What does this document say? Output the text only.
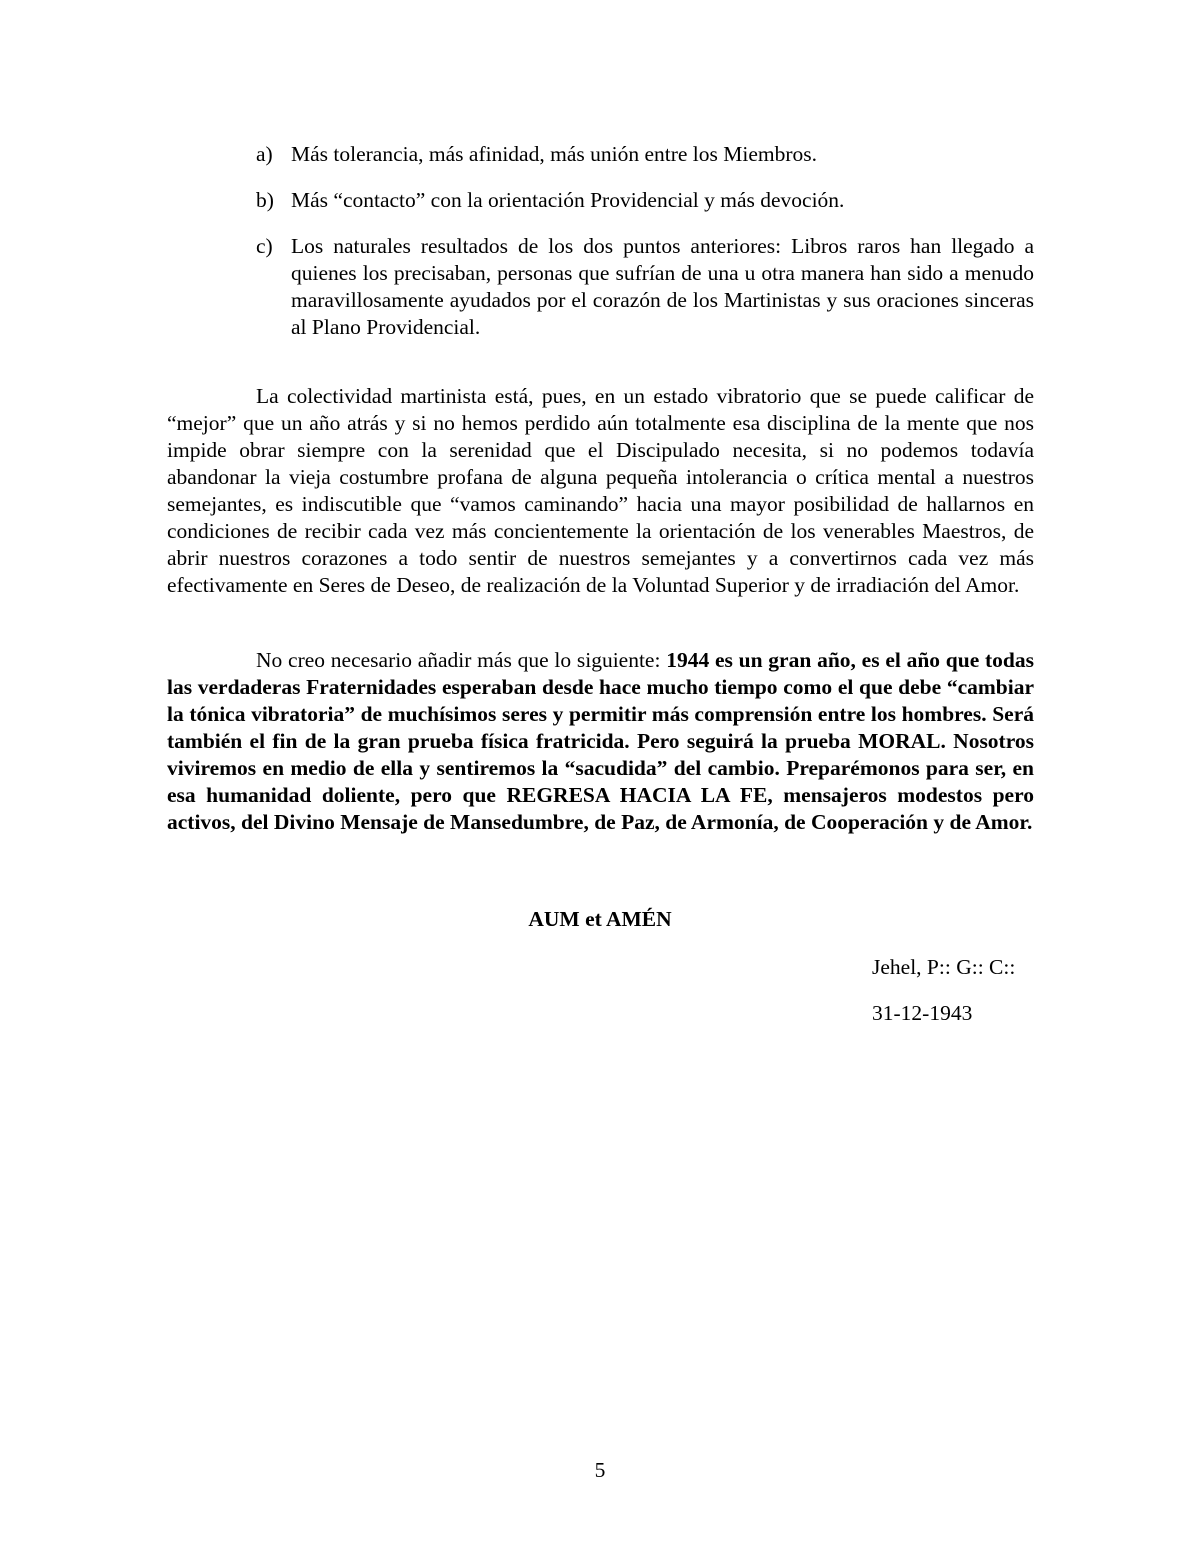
a) Más tolerancia, más afinidad, más unión entre los Miembros.
b) Más “contacto” con la orientación Providencial y más devoción.
c) Los naturales resultados de los dos puntos anteriores: Libros raros han llegado a quienes los precisaban, personas que sufrían de una u otra manera han sido a menudo maravillosamente ayudados por el corazón de los Martinistas y sus oraciones sinceras al Plano Providencial.

La colectividad martinista está, pues, en un estado vibratorio que se puede calificar de “mejor” que un año atrás y si no hemos perdido aún totalmente esa disciplina de la mente que nos impide obrar siempre con la serenidad que el Discipulado necesita, si no podemos todavía abandonar la vieja costumbre profana de alguna pequeña intolerancia o crítica mental a nuestros semejantes, es indiscutible que “vamos caminando” hacia una mayor posibilidad de hallarnos en condiciones de recibir cada vez más concientemente la orientación de los venerables Maestros, de abrir nuestros corazones a todo sentir de nuestros semejantes y a convertirnos cada vez más efectivamente en Seres de Deseo, de realización de la Voluntad Superior y de irradiación del Amor.

No creo necesario añadir más que lo siguiente: 1944 es un gran año, es el año que todas las verdaderas Fraternidades esperaban desde hace mucho tiempo como el que debe “cambiar la tónica vibratoria” de muchísimos seres y permitir más comprensión entre los hombres. Será también el fin de la gran prueba física fratricida. Pero seguirá la prueba MORAL. Nosotros viviremos en medio de ella y sentiremos la “sacudida” del cambio. Preparémonos para ser, en esa humanidad doliente, pero que REGRESA HACIA LA FE, mensajeros modestos pero activos, del Divino Mensaje de Mansedumbre, de Paz, de Armonía, de Cooperación y de Amor.

AUM et AMÉN
Jehel, P:: G:: C::
31-12-1943
5
